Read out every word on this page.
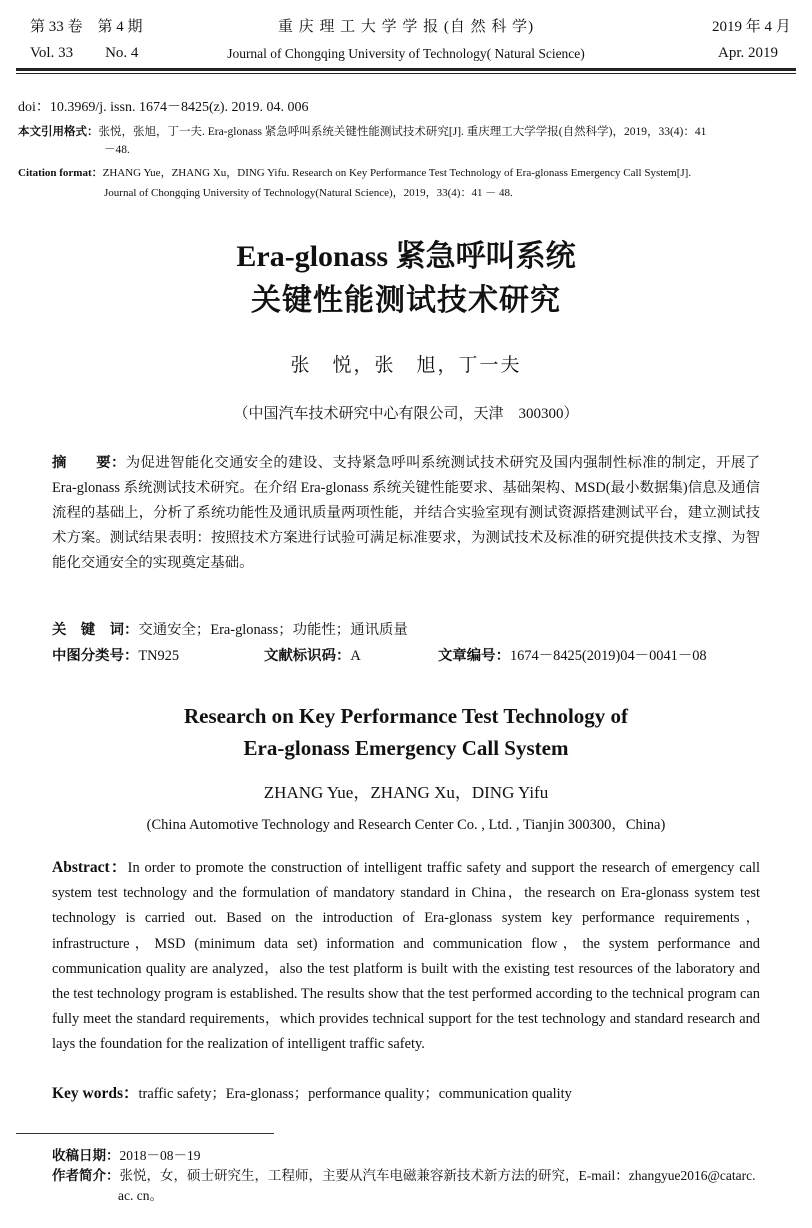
第 33 卷　 第 4 期	重 庆 理 工 大 学 学 报 (自 然 科 学)	2019 年 4 月
Vol. 33 No. 4	Journal of Chongqing University of Technology( Natural Science)	Apr. 2019
doi：10.3969/j. issn. 1674－8425(z). 2019. 04. 006
本文引用格式：张悦，张旭，丁一夫. Era-glonass 紧急呼叫系统关键性能测试技术研究[J]. 重庆理工大学学报(自然科学)，2019，33(4)：41
－48.
Citation format：ZHANG Yue，ZHANG Xu，DING Yifu. Research on Key Performance Test Technology of Era-glonass Emergency Call System[J].
Journal of Chongqing University of Technology(Natural Science)，2019，33(4)：41 － 48.
Era-glonass 紧急呼叫系统
关键性能测试技术研究
张　悦，张　旭，丁一夫
（中国汽车技术研究中心有限公司，天津　300300）
摘　　要：为促进智能化交通安全的建设、支持紧急呼叫系统测试技术研究及国内强制性标准的制定，开展了 Era-glonass 系统测试技术研究。在介绍 Era-glonass 系统关键性能要求、基础架构、MSD(最小数据集)信息及通信流程的基础上，分析了系统功能性及通讯质量两项性能，并结合实验室现有测试资源搭建测试平台，建立测试技术方案。测试结果表明：按照技术方案进行试验可满足标准要求，为测试技术及标准的研究提供技术支撑、为智能化交通安全的实现奠定基础。
关　键　词：交通安全；Era-glonass；功能性；通讯质量
中图分类号：TN925	文献标识码：A	文章编号：1674－8425(2019)04－0041－08
Research on Key Performance Test Technology of
Era-glonass Emergency Call System
ZHANG Yue，ZHANG Xu，DING Yifu
(China Automotive Technology and Research Center Co. , Ltd. , Tianjin 300300，China)
Abstract：In order to promote the construction of intelligent traffic safety and support the research of emergency call system test technology and the formulation of mandatory standard in China，the research on Era-glonass system test technology is carried out. Based on the introduction of Era-glonass system key performance requirements，infrastructure，MSD (minimum data set) information and communication flow，the system performance and communication quality are analyzed，also the test platform is built with the existing test resources of the laboratory and the test technology program is established. The results show that the test performed according to the technical program can fully meet the standard requirements，which provides technical support for the test technology and standard research and lays the foundation for the realization of intelligent traffic safety.
Key words：traffic safety；Era-glonass；performance quality；communication quality
收稿日期：2018－08－19
作者简介：张悦，女，硕士研究生，工程师，主要从汽车电磁兼容新技术新方法的研究，E-mail：zhangyue2016@catarc.
ac. cn。
